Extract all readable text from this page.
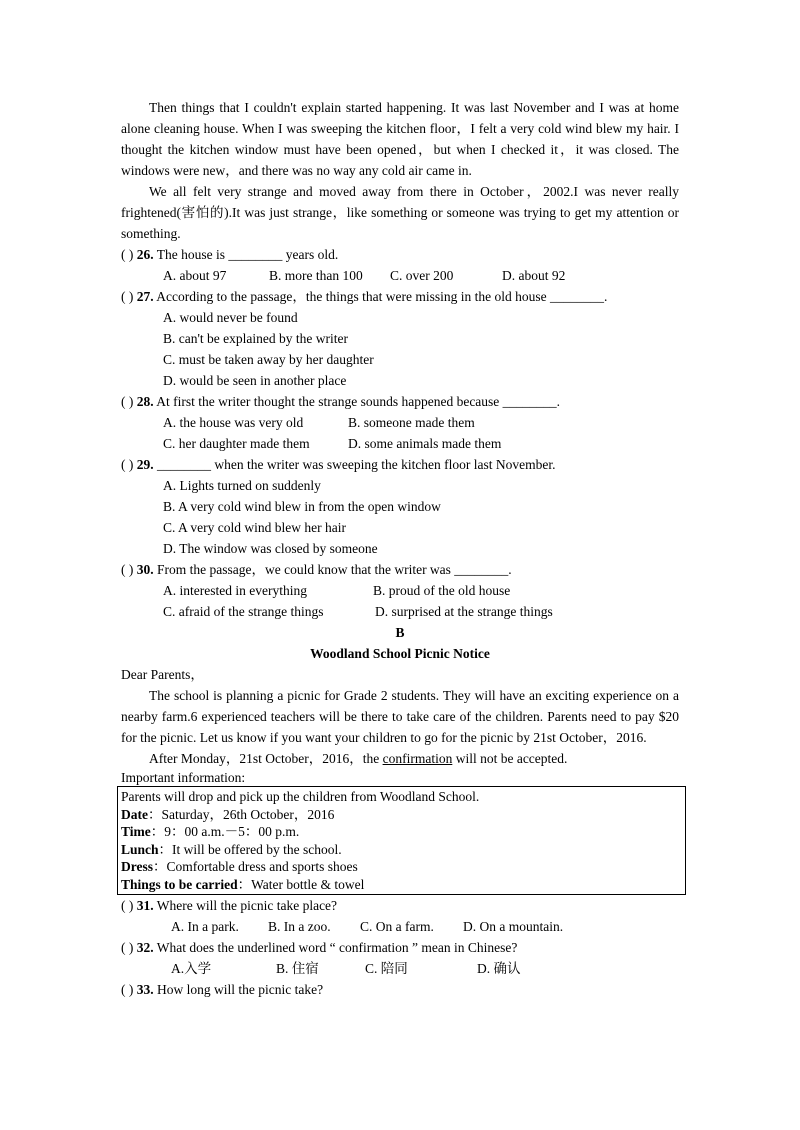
Then things that I couldn't explain started happening. It was last November and I was at home alone cleaning house. When I was sweeping the kitchen floor，I felt a very cold wind blew my hair. I thought the kitchen window must have been opened，but when I checked it，it was closed. The windows were new，and there was no way any cold air came in.

We all felt very strange and moved away from there in October，2002.I was never really frightened(害怕的).It was just strange，like something or someone was trying to get my attention or something.

( ) 26. The house is ________ years old.
A. about 97	B. more than 100 C. over 200	D. about 92
( ) 27. According to the passage，the things that were missing in the old house ________.
A. would never be found
B. can't be explained by the writer
C. must be taken away by her daughter
D. would be seen in another place
( ) 28. At first the writer thought the strange sounds happened because ________.
A. the house was very old	B. someone made them
C. her daughter made them	D. some animals made them
( ) 29. ________ when the writer was sweeping the kitchen floor last November.
A. Lights turned on suddenly
B. A very cold wind blew in from the open window
C. A very cold wind blew her hair
D. The window was closed by someone
( ) 30. From the passage，we could know that the writer was ________.
A. interested in everything	B. proud of the old house
C. afraid of the strange things	D. surprised at the strange things
B
Woodland School Picnic Notice

Dear Parents，

The school is planning a picnic for Grade 2 students. They will have an exciting experience on a nearby farm.6 experienced teachers will be there to take care of the children. Parents need to pay $20 for the picnic. Let us know if you want your children to go for the picnic by 21st October，2016.

After Monday，21st October，2016，the confirmation will not be accepted.

Important information:
Parents will drop and pick up the children from Woodland School.
Date：Saturday，26th October，2016
Time：9：00 a.m.－5：00 p.m.
Lunch：It will be offered by the school.
Dress：Comfortable dress and sports shoes
Things to be carried：Water bottle & towel
( ) 31. Where will the picnic take place?
A. In a park. B. In a zoo. C. On a farm. D. On a mountain.
( ) 32. What does the underlined word “ confirmation ” mean in Chinese?
A.入学	B. 住宿	C. 陪同	D. 确认
( ) 33. How long will the picnic take?
